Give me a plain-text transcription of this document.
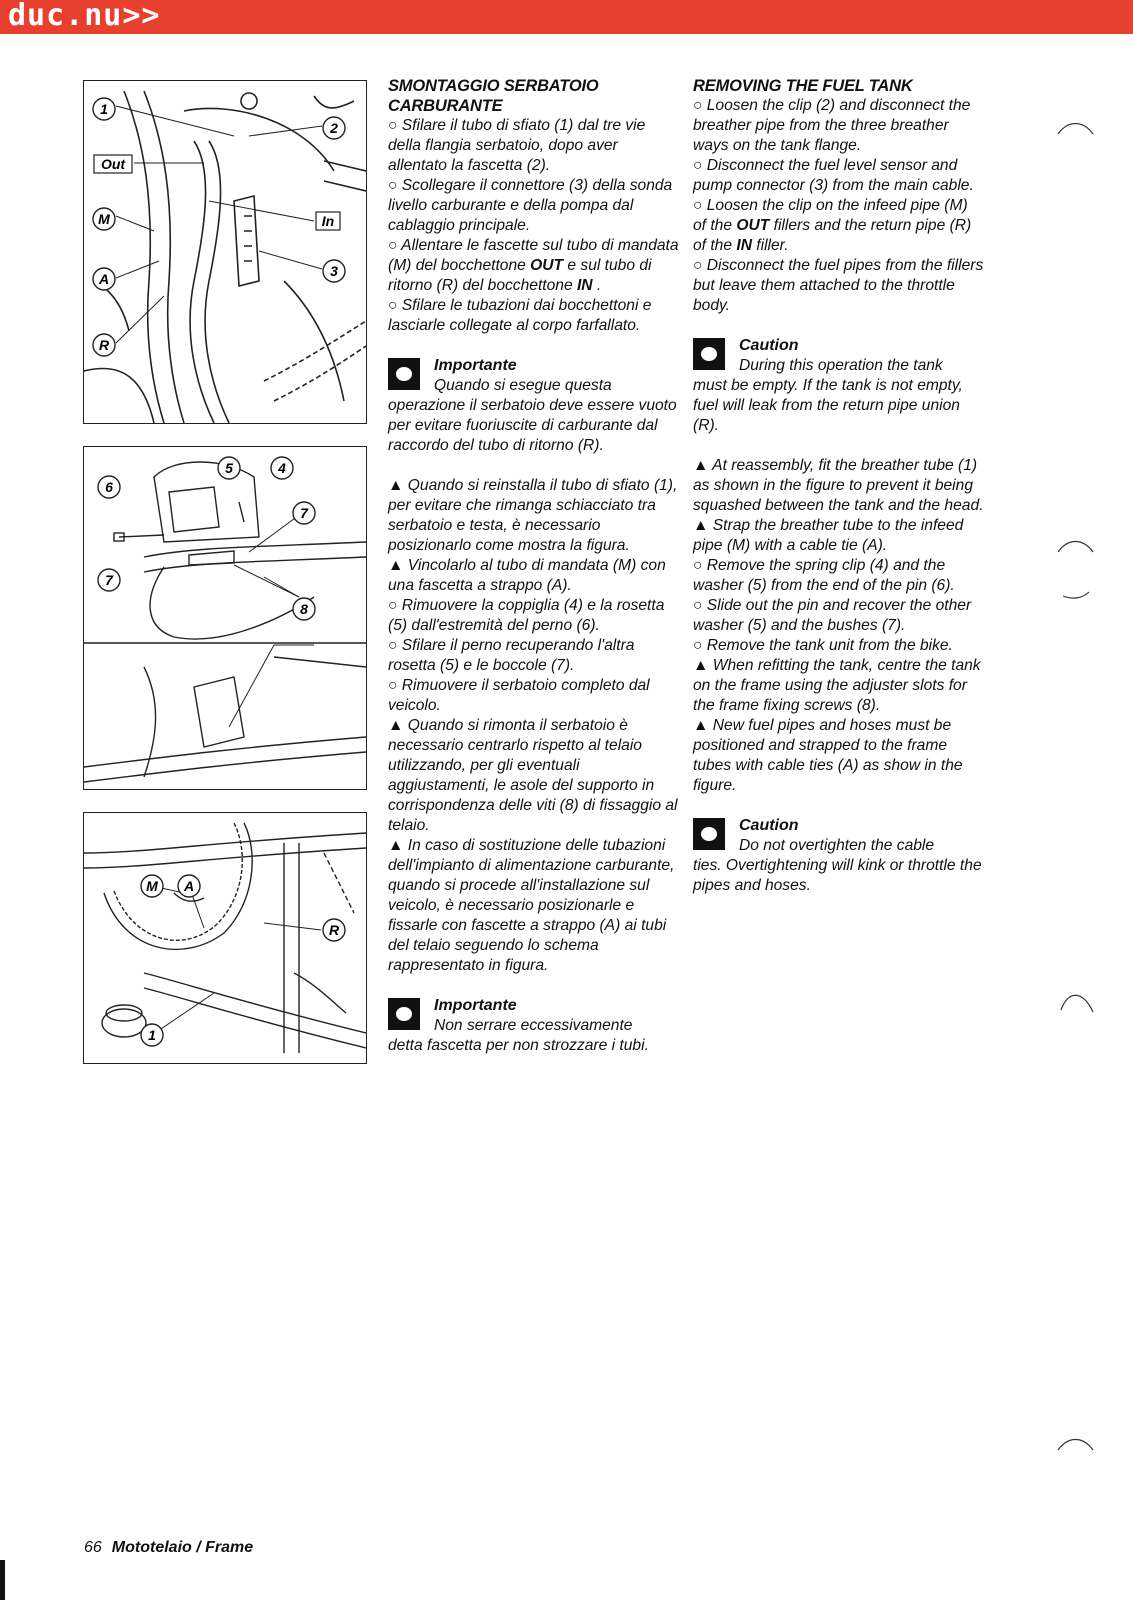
duc.nu>>
1
2
Out
In
M
3
A
R
5	4
6
7
7
8
M A
R
1

SMONTAGGIO SERBATOIO
CARBURANTE

○ Sfilare il tubo di sfiato (1) dal tre vie della flangia serbatoio, dopo aver allentato la fascetta (2).

○ Scollegare il connettore (3) della sonda livello carburante e della pompa dal cablaggio principale.

○ Allentare le fascette sul tubo di mandata (M) del bocchettone OUT e sul tubo di ritorno (R) del bocchettone IN .

○ Sfilare le tubazioni dai bocchettoni e lasciarle collegate al corpo farfallato.

Importante
Quando si esegue questa
operazione il serbatoio deve essere vuoto per evitare fuoriuscite di carburante dal raccordo del tubo di ritorno (R).

▲ Quando si reinstalla il tubo di sfiato (1), per evitare che rimanga schiacciato tra serbatoio e testa, è necessario posizionarlo come mostra la figura.

▲ Vincolarlo al tubo di mandata (M) con una fascetta a strappo (A).

○ Rimuovere la coppiglia (4) e la rosetta (5) dall'estremità del perno (6).

○ Sfilare il perno recuperando l'altra rosetta (5) e le boccole (7).

○ Rimuovere il serbatoio completo dal veicolo.

▲ Quando si rimonta il serbatoio è necessario centrarlo rispetto al telaio utilizzando, per gli eventuali aggiustamenti, le asole del supporto in corrispondenza delle viti (8) di fissaggio al telaio.

▲ In caso di sostituzione delle tubazioni dell'impianto di alimentazione carburante, quando si procede all'installazione sul veicolo, è necessario posizionarle e fissarle con fascette a strappo (A) ai tubi del telaio seguendo lo schema rappresentato in figura.

Importante
Non serrare eccessivamente
detta fascetta per non strozzare i tubi.

REMOVING THE FUEL TANK

○ Loosen the clip (2) and disconnect the breather pipe from the three breather ways on the tank flange.

○ Disconnect the fuel level sensor and pump connector (3) from the main cable.

○ Loosen the clip on the infeed pipe (M) of the OUT fillers and the return pipe (R) of the IN filler.

○ Disconnect the fuel pipes from the fillers but leave them attached to the throttle body.

Caution
During this operation the tank
must be empty. If the tank is not empty, fuel will leak from the return pipe union (R).

▲ At reassembly, fit the breather tube (1) as shown in the figure to prevent it being squashed between the tank and the head.

▲ Strap the breather tube to the infeed pipe (M) with a cable tie (A).

○ Remove the spring clip (4) and the washer (5) from the end of the pin (6).

○ Slide out the pin and recover the other washer (5) and the bushes (7).

○ Remove the tank unit from the bike.

▲ When refitting the tank, centre the tank on the frame using the adjuster slots for the frame fixing screws (8).

▲ New fuel pipes and hoses must be positioned and strapped to the frame tubes with cable ties (A) as show in the figure.

Caution
Do not overtighten the cable
ties. Overtightening will kink or throttle the pipes and hoses.
66 Mototelaio / Frame
